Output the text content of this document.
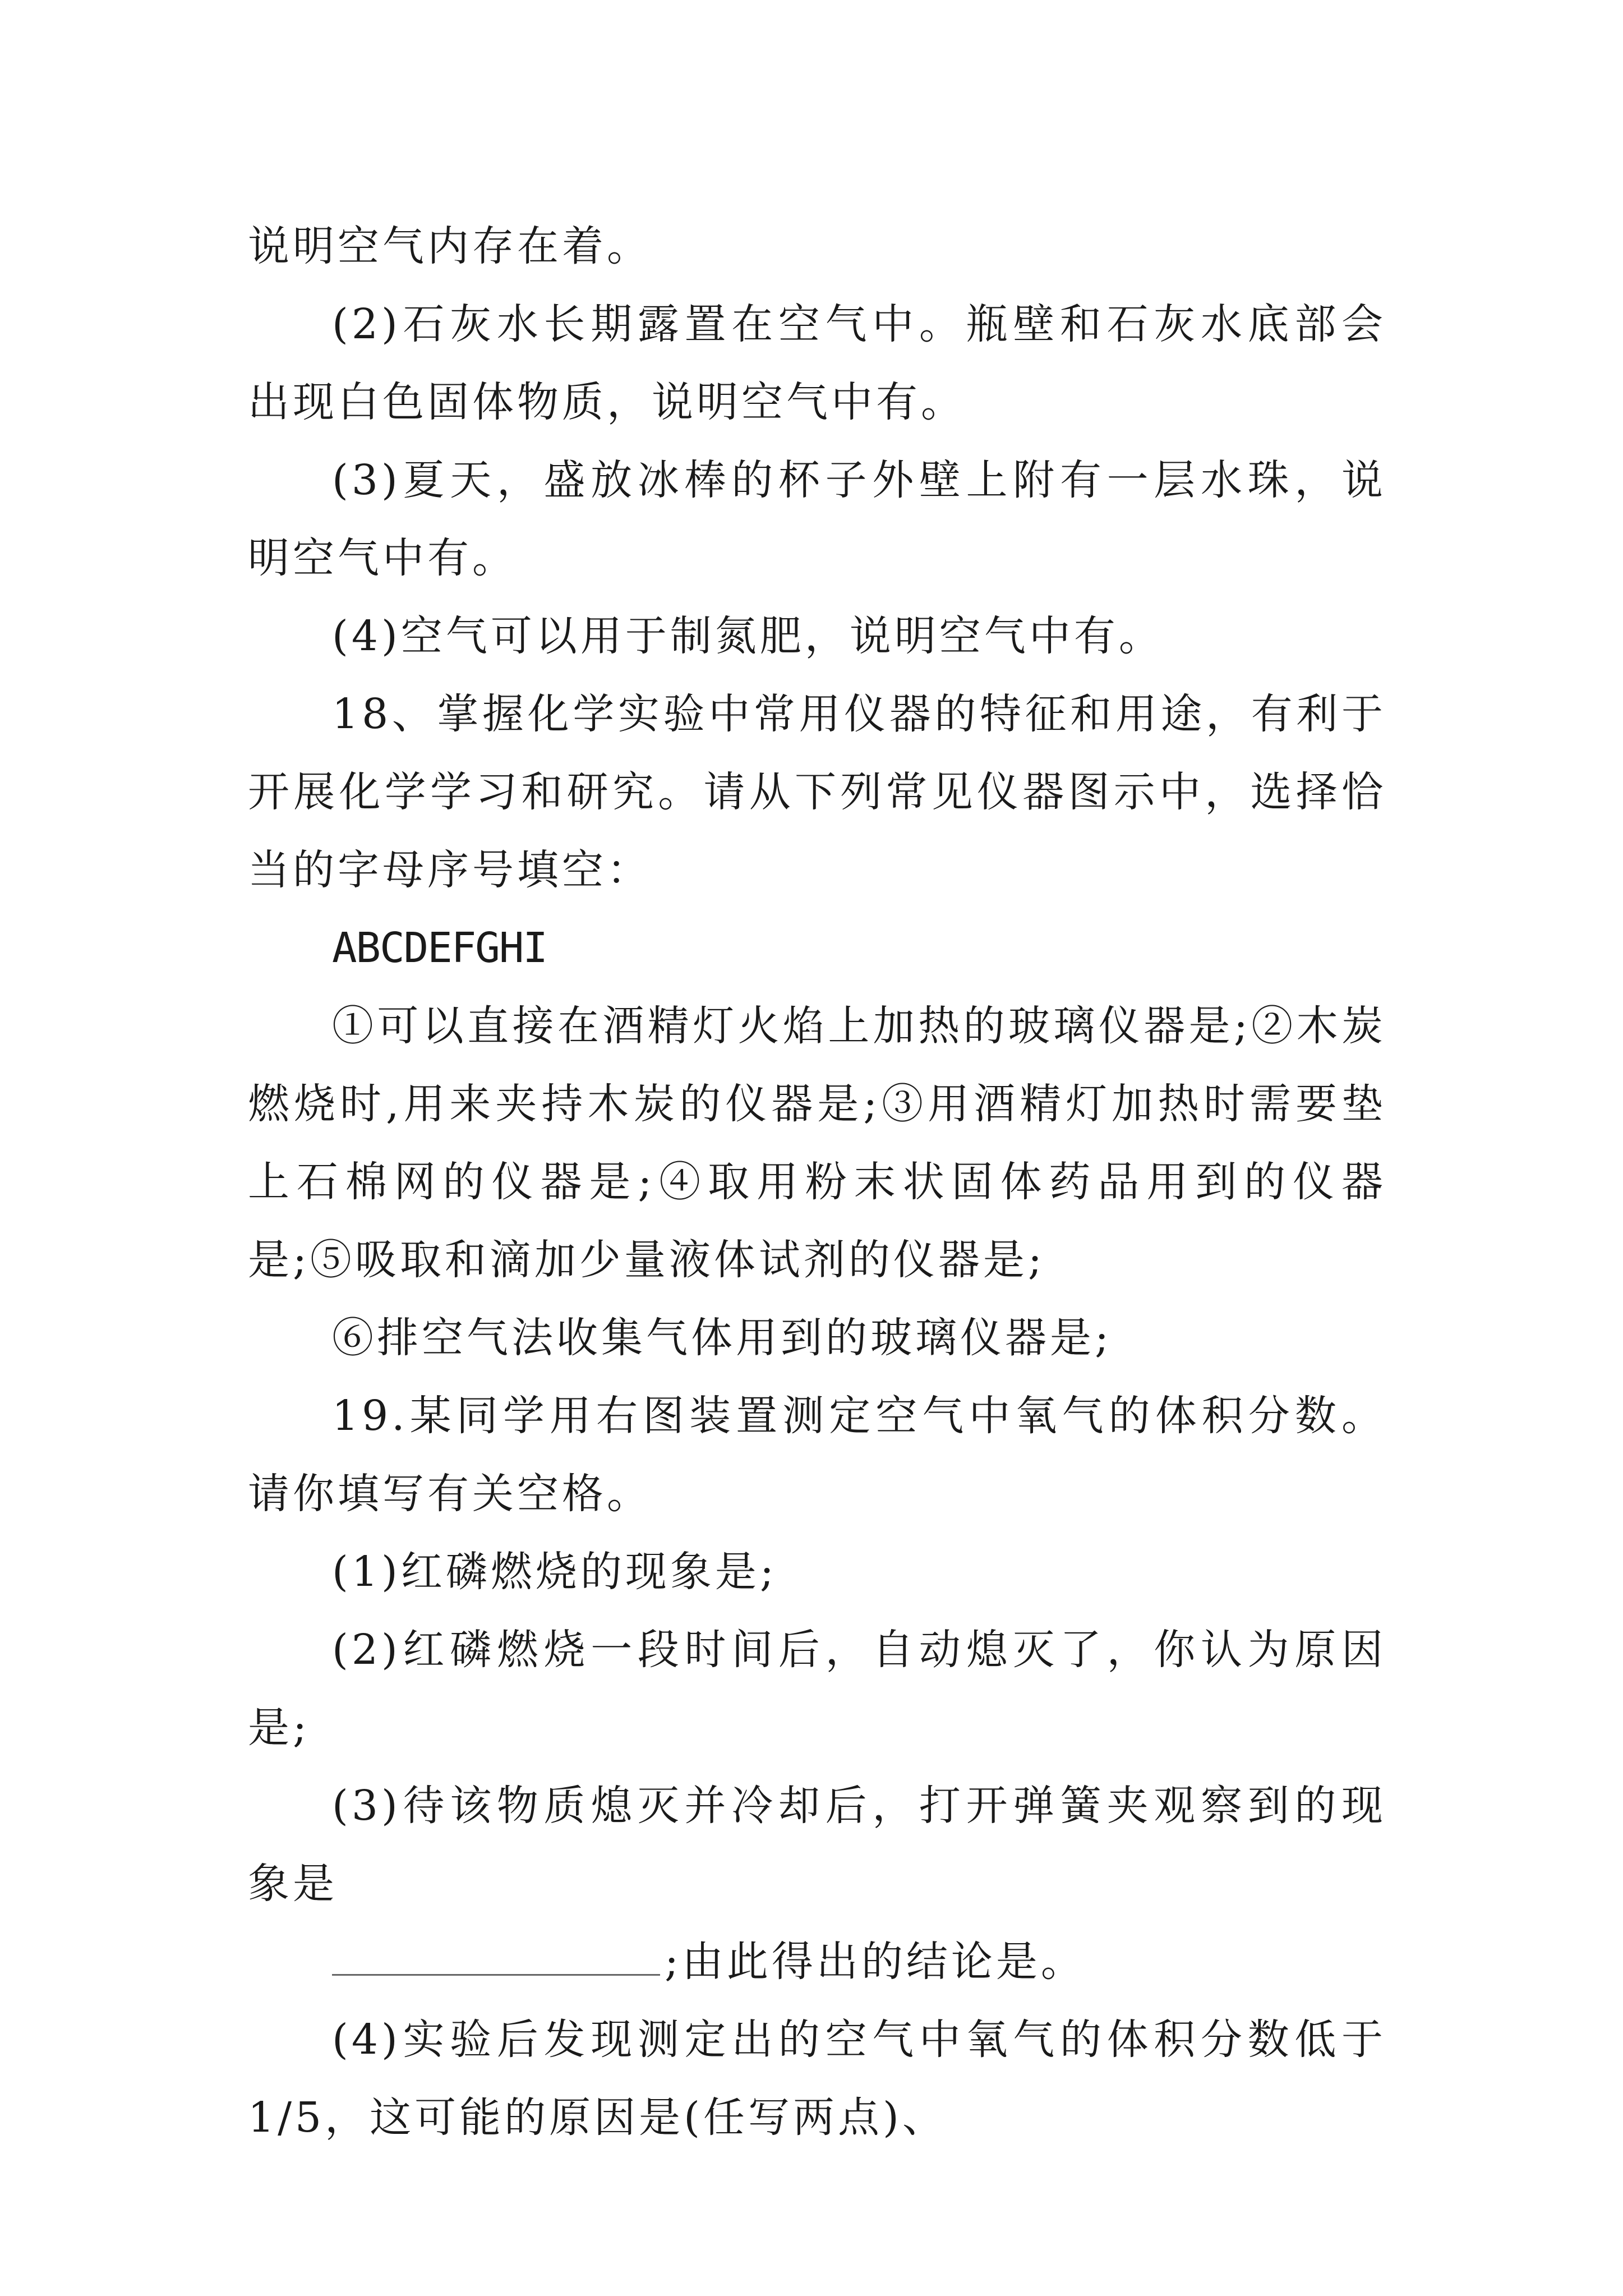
说明空气内存在着。

(2)石灰水长期露置在空气中。瓶壁和石灰水底部会出现白色固体物质，说明空气中有。

(3)夏天，盛放冰棒的杯子外壁上附有一层水珠，说明空气中有。

(4)空气可以用于制氮肥，说明空气中有。

18、掌握化学实验中常用仪器的特征和用途，有利于开展化学学习和研究。请从下列常见仪器图示中，选择恰当的字母序号填空：

ABCDEFGHI

①可以直接在酒精灯火焰上加热的玻璃仪器是;②木炭燃烧时,用来夹持木炭的仪器是;③用酒精灯加热时需要垫上石棉网的仪器是;④取用粉末状固体药品用到的仪器是;⑤吸取和滴加少量液体试剂的仪器是;

⑥排空气法收集气体用到的玻璃仪器是;

19.某同学用右图装置测定空气中氧气的体积分数。请你填写有关空格。

(1)红磷燃烧的现象是;

(2)红磷燃烧一段时间后，自动熄灭了，你认为原因是;

(3)待该物质熄灭并冷却后，打开弹簧夹观察到的现象是

;由此得出的结论是。

(4)实验后发现测定出的空气中氧气的体积分数低于1/5，这可能的原因是(任写两点)、
